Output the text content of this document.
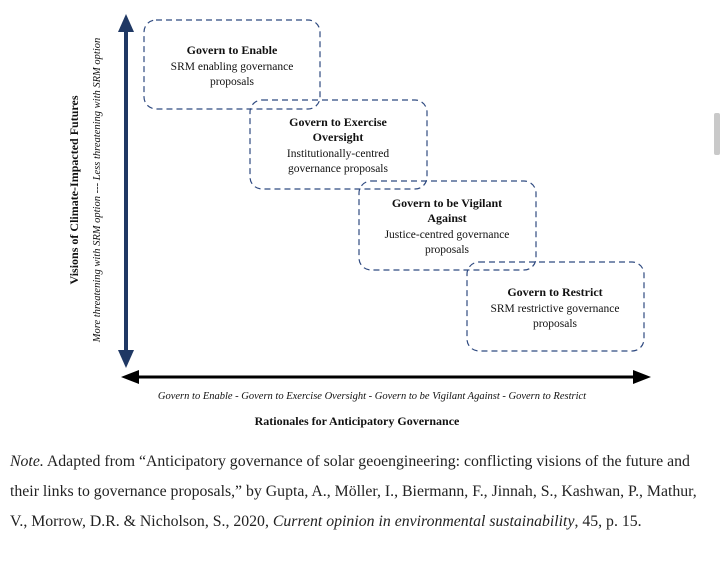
Visions of Climate-Impacted Futures More threatening with SRM option --- Less threatening with SRM option
Govern to Enable - Govern to Exercise Oversight - Govern to be Vigilant Against - Govern to Restrict
Rationales for Anticipatory Governance
Govern to Enable
SRM enabling governance
proposals
Govern to Exercise
Oversight
Institutionally-centred
governance proposals
Govern to be Vigilant
Against
Justice-centred governance
proposals
Govern to Restrict
SRM restrictive governance
proposals
Note. Adapted from “Anticipatory governance of solar geoengineering: conflicting visions of the future and their links to governance proposals,” by Gupta, A., Möller, I., Biermann, F., Jinnah, S., Kashwan, P., Mathur, V., Morrow, D.R. & Nicholson, S., 2020, Current opinion in environmental sustainability, 45, p. 15.
